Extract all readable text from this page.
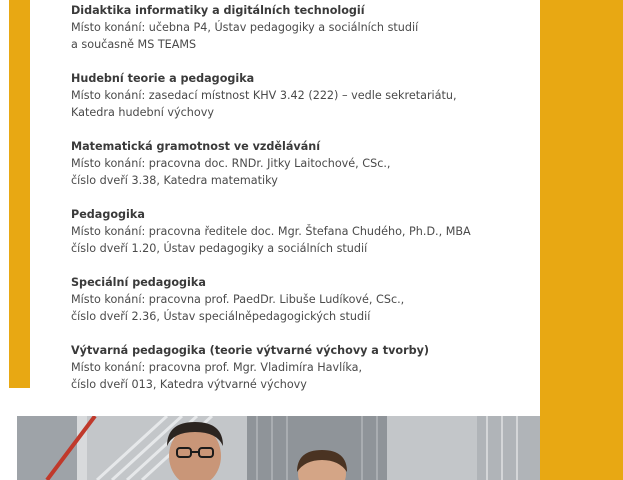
Didaktika informatiky a digitálních technologií
Místo konání: učebna P4, Ústav pedagogiky a sociálních studií
a současně MS TEAMS
Hudební teorie a pedagogika
Místo konání: zasedací místnost KHV 3.42 (222) – vedle sekretariátu,
Katedra hudební výchovy
Matematická gramotnost ve vzdělávání
Místo konání: pracovna doc. RNDr. Jitky Laitochové, CSc.,
číslo dveří 3.38, Katedra matematiky
Pedagogika
Místo konání: pracovna ředitele doc. Mgr. Štefana Chudého, Ph.D., MBA
číslo dveří 1.20, Ústav pedagogiky a sociálních studií
Speciální pedagogika
Místo konání: pracovna prof. PaedDr. Libuše Ludíkové, CSc.,
číslo dveří 2.36, Ústav speciálněpedagogických studií
Výtvarná pedagogika (teorie výtvarné výchovy a tvorby)
Místo konání: pracovna prof. Mgr. Vladimíra Havlíka,
číslo dveří 013, Katedra výtvarné výchovy
